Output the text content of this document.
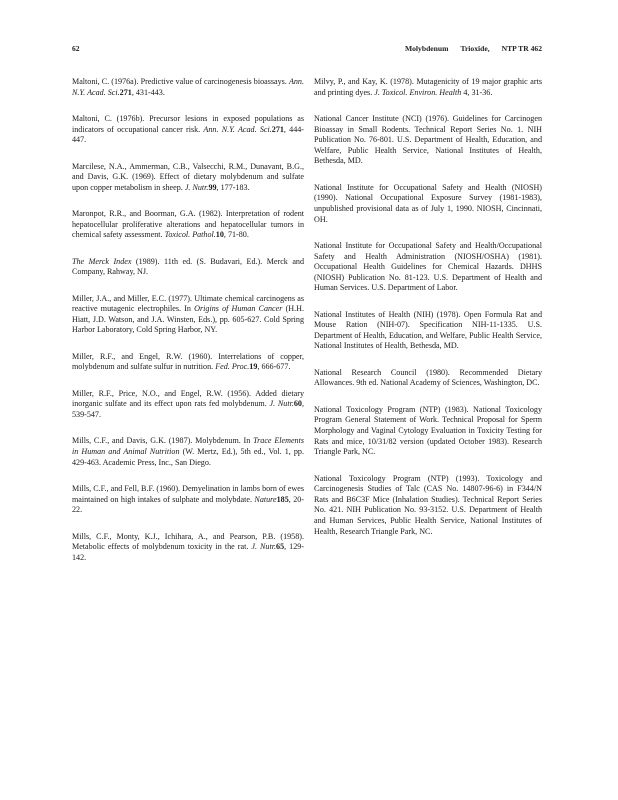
62	Molybdenum Trioxide, NTP TR 462

Maltoni, C. (1976a). Predictive value of carcinogenesis bioassays. Ann. N.Y. Acad. Sci.271, 431-443.

Maltoni, C. (1976b). Precursor lesions in exposed populations as indicators of occupational cancer risk. Ann. N.Y. Acad. Sci.271, 444-447.

Marcilese, N.A., Ammerman, C.B., Valsecchi, R.M., Dunavant, B.G., and Davis, G.K. (1969). Effect of dietary molybdenum and sulfate upon copper metabolism in sheep. J. Nutr.99, 177-183.

Maronpot, R.R., and Boorman, G.A. (1982). Interpretation of rodent hepatocellular proliferative alterations and hepatocellular tumors in chemical safety assessment. Toxicol. Pathol.10, 71-80.

The Merck Index (1989). 11th ed. (S. Budavari, Ed.). Merck and Company, Rahway, NJ.

Miller, J.A., and Miller, E.C. (1977). Ultimate chemical carcinogens as reactive mutagenic electrophiles. In Origins of Human Cancer (H.H. Hiatt, J.D. Watson, and J.A. Winsten, Eds.), pp. 605-627. Cold Spring Harbor Laboratory, Cold Spring Harbor, NY.

Miller, R.F., and Engel, R.W. (1960). Interrelations of copper, molybdenum and sulfate sulfur in nutrition. Fed. Proc.19, 666-677.

Miller, R.F., Price, N.O., and Engel, R.W. (1956). Added dietary inorganic sulfate and its effect upon rats fed molybdenum. J. Nutr.60, 539-547.

Mills, C.F., and Davis, G.K. (1987). Molybdenum. In Trace Elements in Human and Animal Nutrition (W. Mertz, Ed.), 5th ed., Vol. 1, pp. 429-463. Academic Press, Inc., San Diego.

Mills, C.F., and Fell, B.F. (1960). Demyelination in lambs born of ewes maintained on high intakes of sulphate and molybdate. Nature185, 20-22.

Mills, C.F., Monty, K.J., Ichihara, A., and Pearson, P.B. (1958). Metabolic effects of molybdenum toxicity in the rat. J. Nutr.65, 129-142.

Milvy, P., and Kay, K. (1978). Mutagenicity of 19 major graphic arts and printing dyes. J. Toxicol. Environ. Health 4, 31-36.

National Cancer Institute (NCI) (1976). Guidelines for Carcinogen Bioassay in Small Rodents. Technical Report Series No. 1. NIH Publication No. 76-801. U.S. Department of Health, Education, and Welfare, Public Health Service, National Institutes of Health, Bethesda, MD.

National Institute for Occupational Safety and Health (NIOSH) (1990). National Occupational Exposure Survey (1981-1983), unpublished provisional data as of July 1, 1990. NIOSH, Cincinnati, OH.

National Institute for Occupational Safety and Health/Occupational Safety and Health Administration (NIOSH/OSHA) (1981). Occupational Health Guidelines for Chemical Hazards. DHHS (NIOSH) Publication No. 81-123. U.S. Department of Health and Human Services. U.S. Department of Labor.

National Institutes of Health (NIH) (1978). Open Formula Rat and Mouse Ration (NIH-07). Specification NIH-11-1335. U.S. Department of Health, Education, and Welfare, Public Health Service, National Institutes of Health, Bethesda, MD.

National Research Council (1980). Recommended Dietary Allowances. 9th ed. National Academy of Sciences, Washington, DC.

National Toxicology Program (NTP) (1983). National Toxicology Program General Statement of Work. Technical Proposal for Sperm Morphology and Vaginal Cytology Evaluation in Toxicity Testing for Rats and mice, 10/31/82 version (updated October 1983). Research Triangle Park, NC.

National Toxicology Program (NTP) (1993). Toxicology and Carcinogenesis Studies of Talc (CAS No. 14807-96-6) in F344/N Rats and B6C3F Mice (Inhalation Studies). Technical Report Series No. 421. NIH Publication No. 93-3152. U.S. Department of Health and Human Services, Public Health Service, National Institutes of Health, Research Triangle Park, NC.
